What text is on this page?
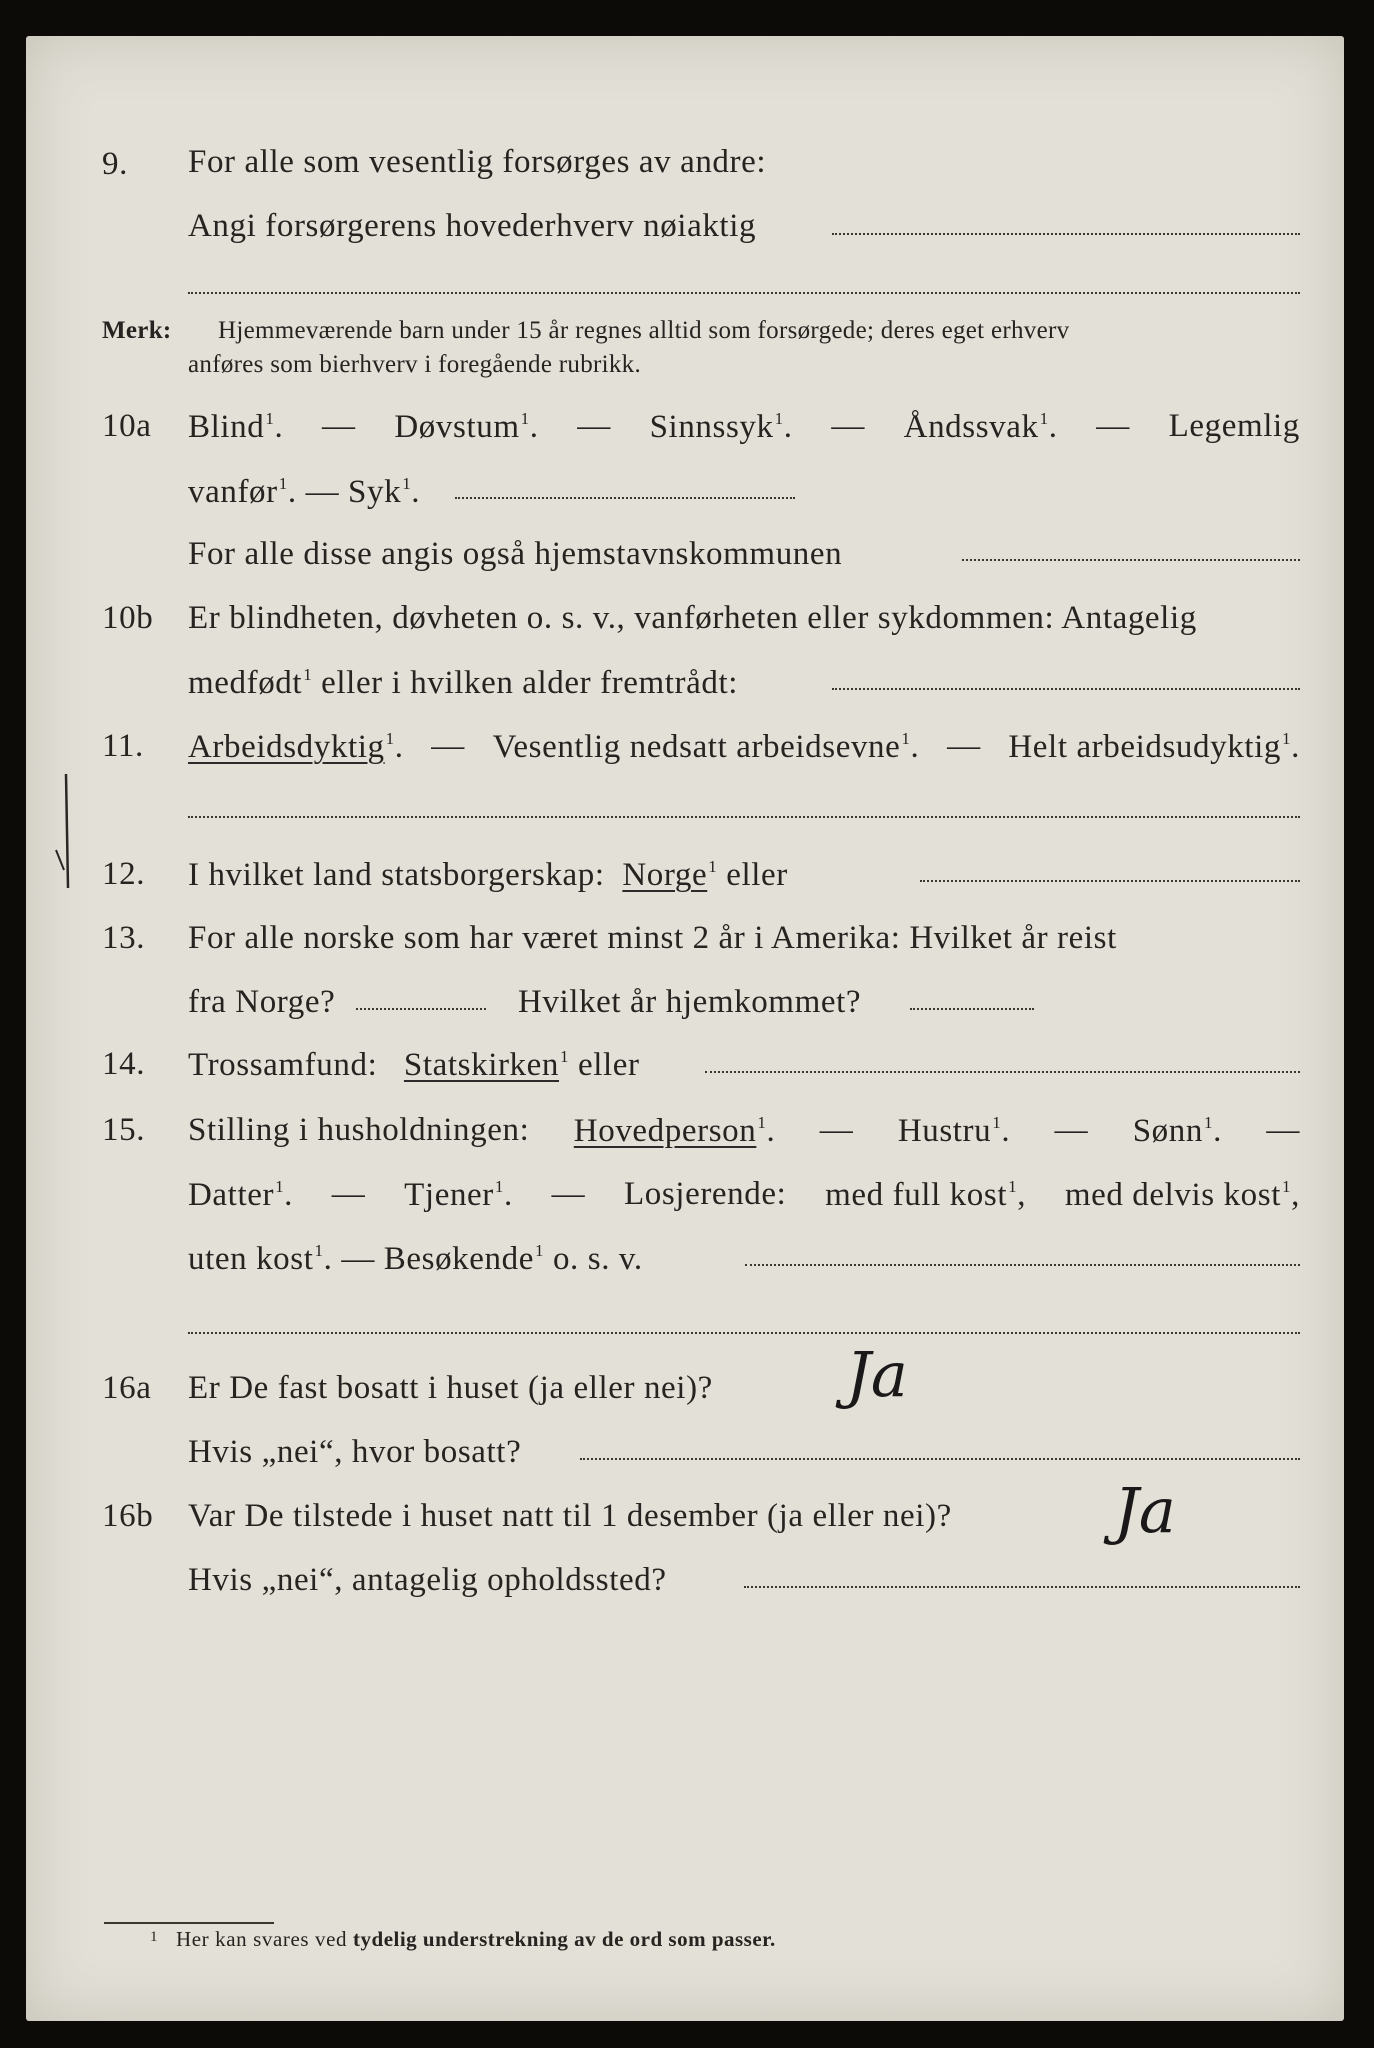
9. For alle som vesentlig forsørges av andre:
Angi forsørgerens hovederhverv nøiaktig
Merk: Hjemmeværende barn under 15 år regnes alltid som forsørgede; deres eget erhverv
anføres som bierhverv i foregående rubrikk.
10a Blind$^1$. — Døvstum$^1$. — Sinnssyk$^1$. — Åndssvak$^1$. — Legemlig
vanfør$^1$. — Syk$^1$.
For alle disse angis også hjemstavnskommunen
10b Er blindheten, døvheten o. s. v., vanførheten eller sykdommen: Antagelig
medfødt$^1$ eller i hvilken alder fremtrådt:
11. Arbeidsdyktig$^1$. — Vesentlig nedsatt arbeidsevne$^1$. — Helt arbeidsudyktig$^1$.
12. I hvilket land statsborgerskap: Norge$^1$ eller
13. For alle norske som har været minst 2 år i Amerika: Hvilket år reist
fra Norge?	Hvilket år hjemkommet?
14. Trossamfund: Statskirken$^1$ eller
15. Stilling i husholdningen: Hovedperson$^1$. — Hustru$^1$. — Sønn$^1$. —
Datter$^1$. — Tjener$^1$. — Losjerende: med full kost$^1$, med delvis kost$^1$,
uten kost$^1$. — Besøkende$^1$ o. s. v.
16a Er De fast bosatt i huset (ja eller nei)? Ja
Hvis „nei“, hvor bosatt?
16b Var De tilstede i huset natt til 1 desember (ja eller nei)?	Ja
Hvis „nei“, antagelig opholdssted?
1 Her kan svares ved tydelig understrekning av de ord som passer.
